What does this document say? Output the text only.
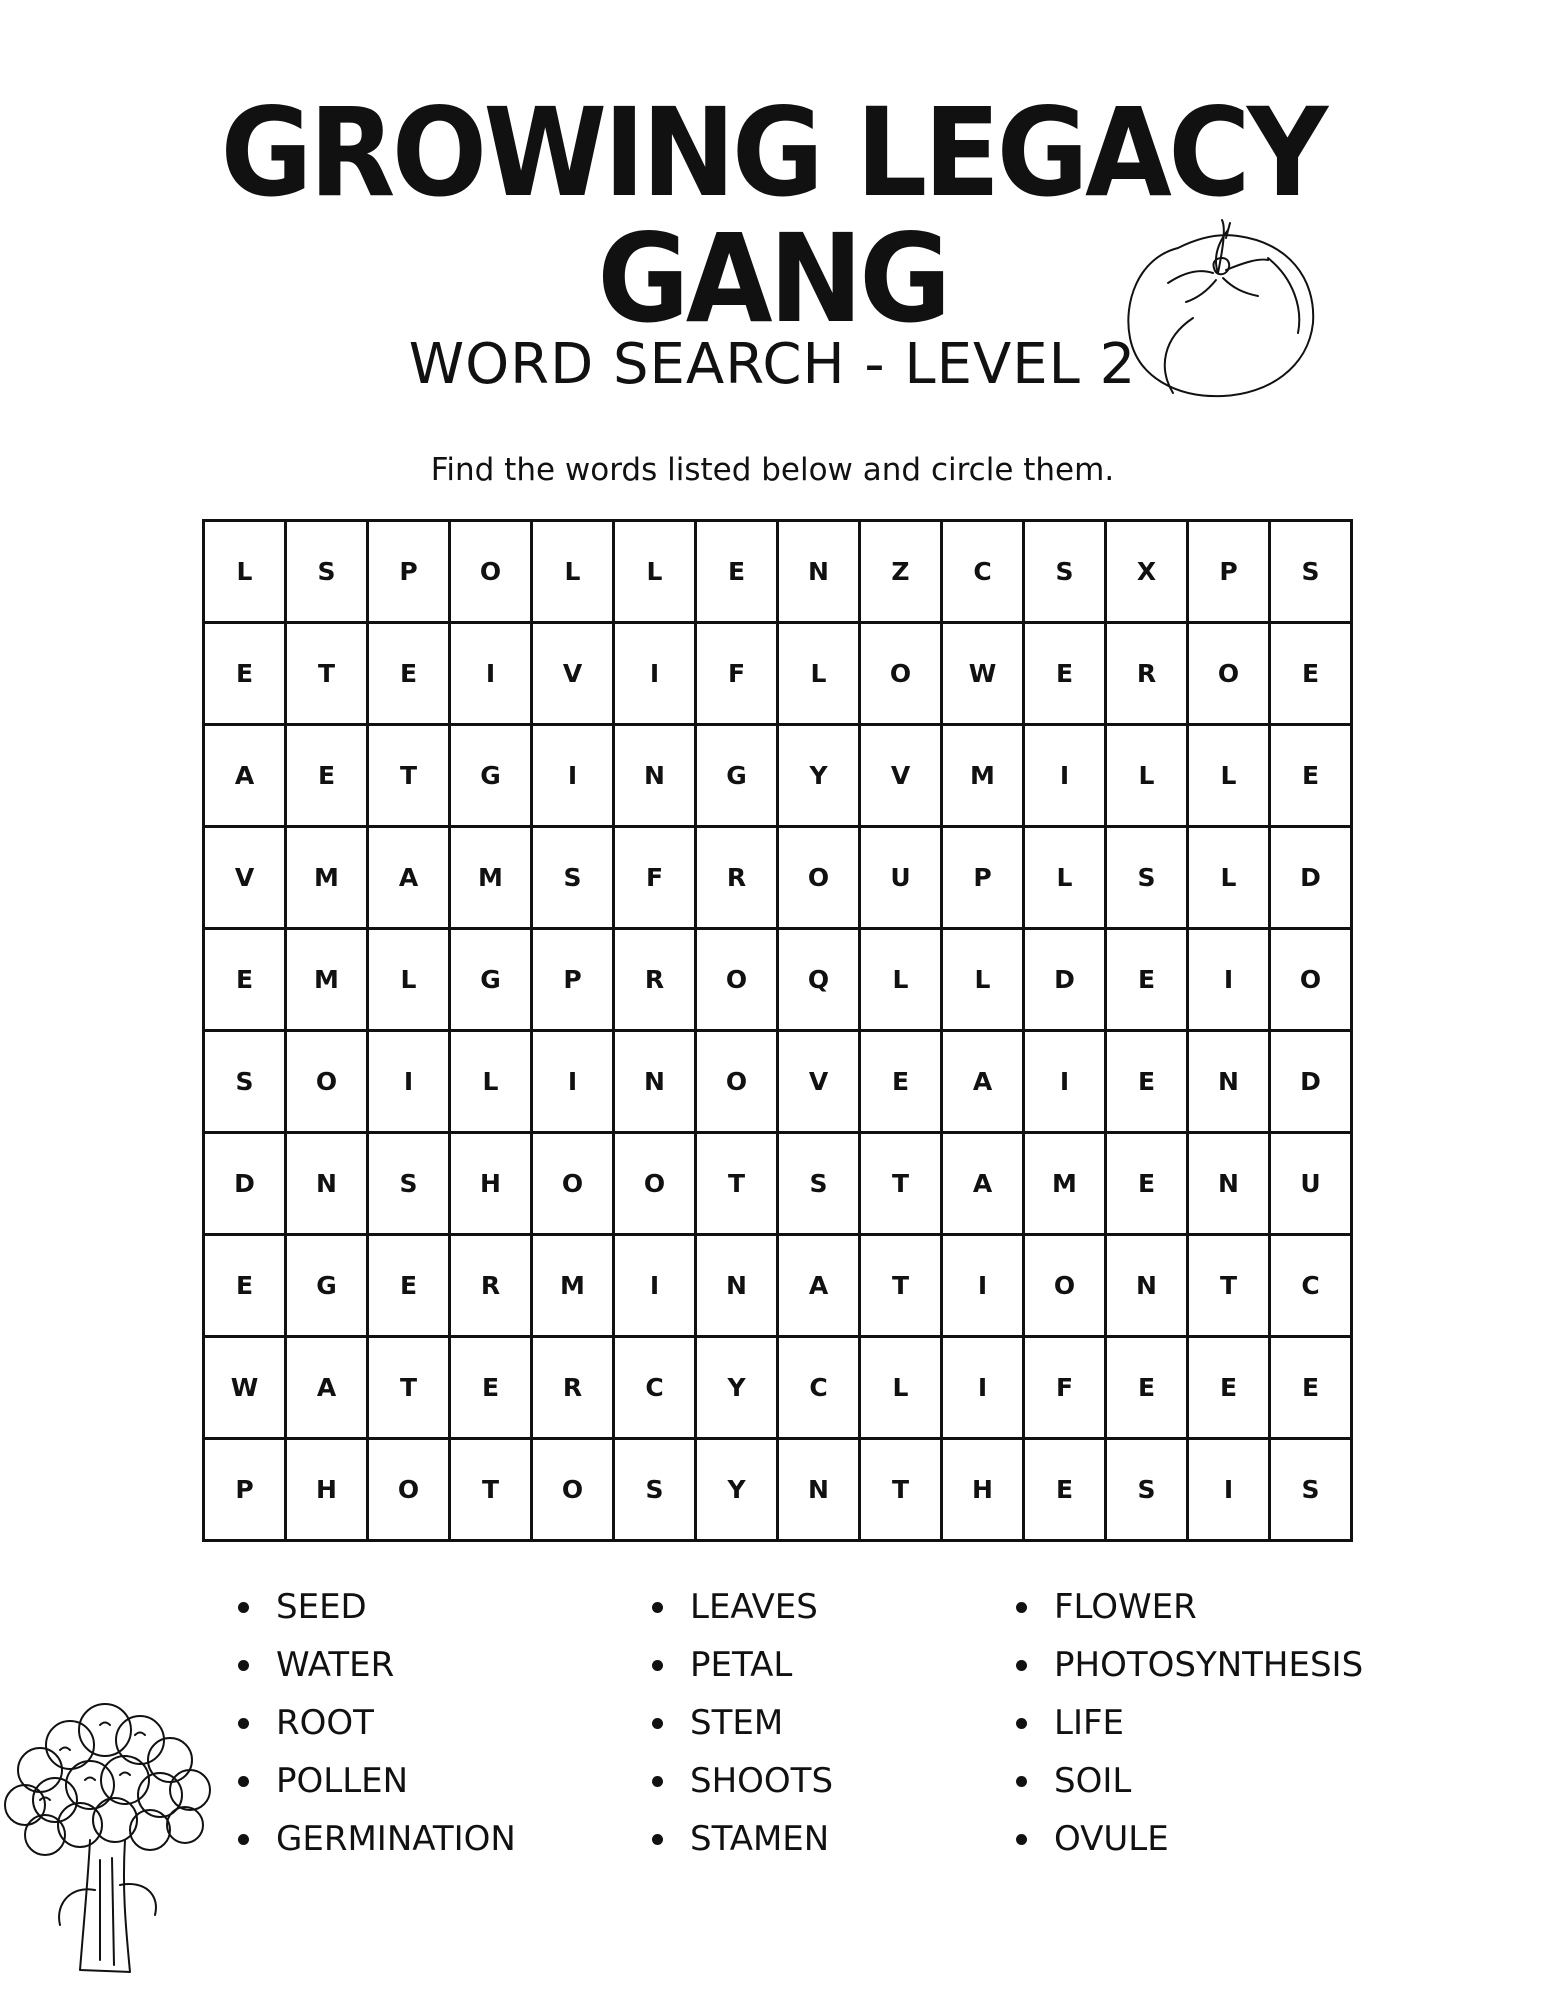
GROWING LEGACY
GANG
WORD SEARCH - LEVEL 2
Find the words listed below and circle them.
L	S	P	O	L	L	E	N	Z	C	S	X	P	S
E	T	E	I	V	I	F	L	O	W	E	R	O	E
A	E	T	G	I	N	G	Y	V	M	I	L	L	E
V	M	A	M	S	F	R	O	U	P	L	S	L	D
E	M	L	G	P	R	O	Q	L	L	D	E	I	O
S	O	I	L	I	N	O	V	E	A	I	E	N	D
D	N	S	H	O	O	T	S	T	A	M	E	N	U
E	G	E	R	M	I	N	A	T	I	O	N	T	C
W	A	T	E	R	C	Y	C	L	I	F	E	E	E
P	H	O	T	O	S	Y	N	T	H	E	S	I	S
SEED
WATER
ROOT
POLLEN
GERMINATION
LEAVES
PETAL
STEM
SHOOTS
STAMEN
FLOWER
PHOTOSYNTHESIS
LIFE
SOIL
OVULE
